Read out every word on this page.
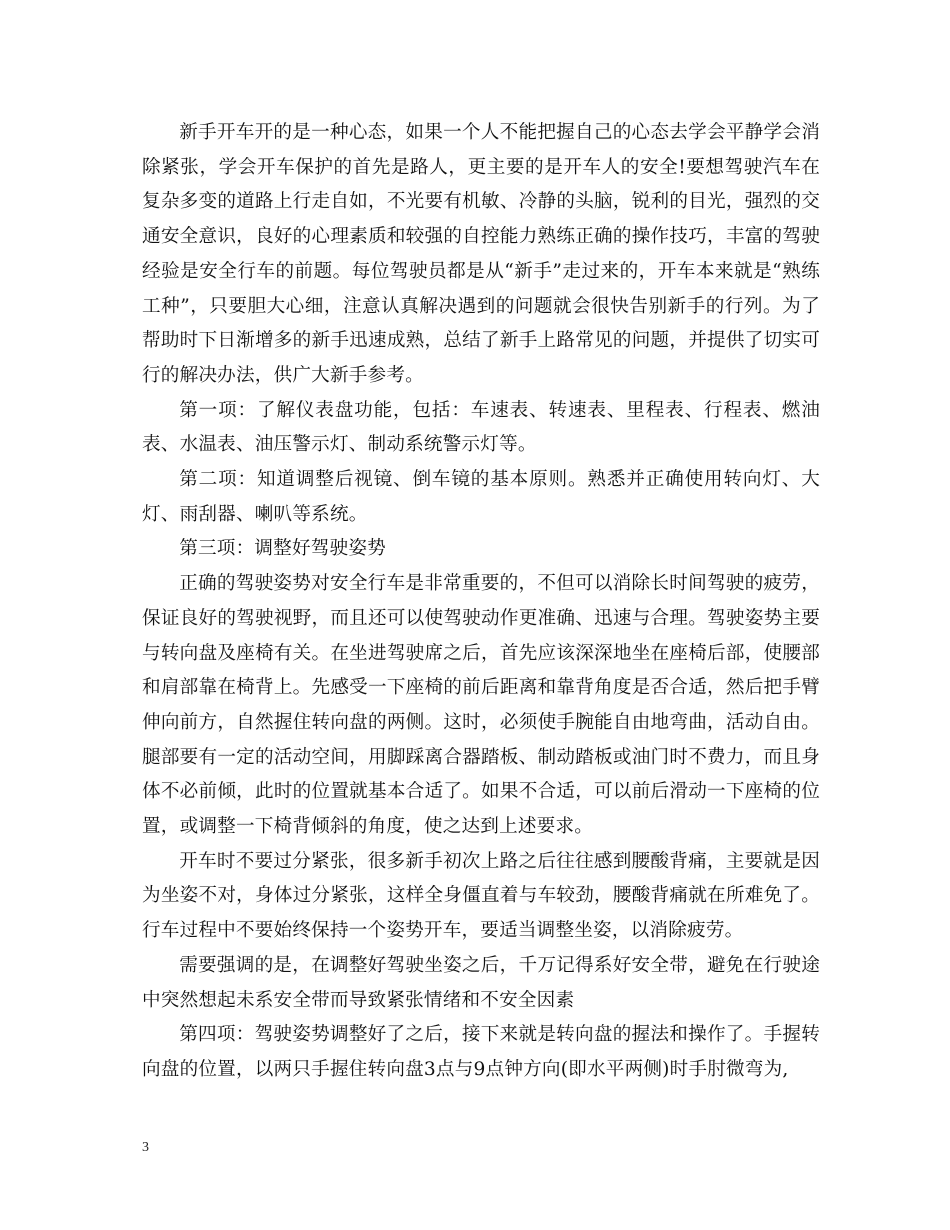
新手开车开的是一种心态，如果一个人不能把握自己的心态去学会平静学会消除紧张，学会开车保护的首先是路人，更主要的是开车人的安全!要想驾驶汽车在复杂多变的道路上行走自如，不光要有机敏、冷静的头脑，锐利的目光，强烈的交通安全意识，良好的心理素质和较强的自控能力熟练正确的操作技巧，丰富的驾驶经验是安全行车的前题。每位驾驶员都是从“新手”走过来的，开车本来就是“熟练工种”，只要胆大心细，注意认真解决遇到的问题就会很快告别新手的行列。为了帮助时下日渐增多的新手迅速成熟，总结了新手上路常见的问题，并提供了切实可行的解决办法，供广大新手参考。

第一项：了解仪表盘功能，包括：车速表、转速表、里程表、行程表、燃油表、水温表、油压警示灯、制动系统警示灯等。

第二项：知道调整后视镜、倒车镜的基本原则。熟悉并正确使用转向灯、大灯、雨刮器、喇叭等系统。

第三项：调整好驾驶姿势

正确的驾驶姿势对安全行车是非常重要的，不但可以消除长时间驾驶的疲劳，保证良好的驾驶视野，而且还可以使驾驶动作更准确、迅速与合理。驾驶姿势主要与转向盘及座椅有关。在坐进驾驶席之后，首先应该深深地坐在座椅后部，使腰部和肩部靠在椅背上。先感受一下座椅的前后距离和靠背角度是否合适，然后把手臂伸向前方，自然握住转向盘的两侧。这时，必须使手腕能自由地弯曲，活动自由。腿部要有一定的活动空间，用脚踩离合器踏板、制动踏板或油门时不费力，而且身体不必前倾，此时的位置就基本合适了。如果不合适，可以前后滑动一下座椅的位置，或调整一下椅背倾斜的角度，使之达到上述要求。

开车时不要过分紧张，很多新手初次上路之后往往感到腰酸背痛，主要就是因为坐姿不对，身体过分紧张，这样全身僵直着与车较劲，腰酸背痛就在所难免了。行车过程中不要始终保持一个姿势开车，要适当调整坐姿，以消除疲劳。

需要强调的是，在调整好驾驶坐姿之后，千万记得系好安全带，避免在行驶途中突然想起未系安全带而导致紧张情绪和不安全因素

第四项：驾驶姿势调整好了之后，接下来就是转向盘的握法和操作了。手握转向盘的位置，以两只手握住转向盘3点与9点钟方向(即水平两侧)时手肘微弯为,

3
